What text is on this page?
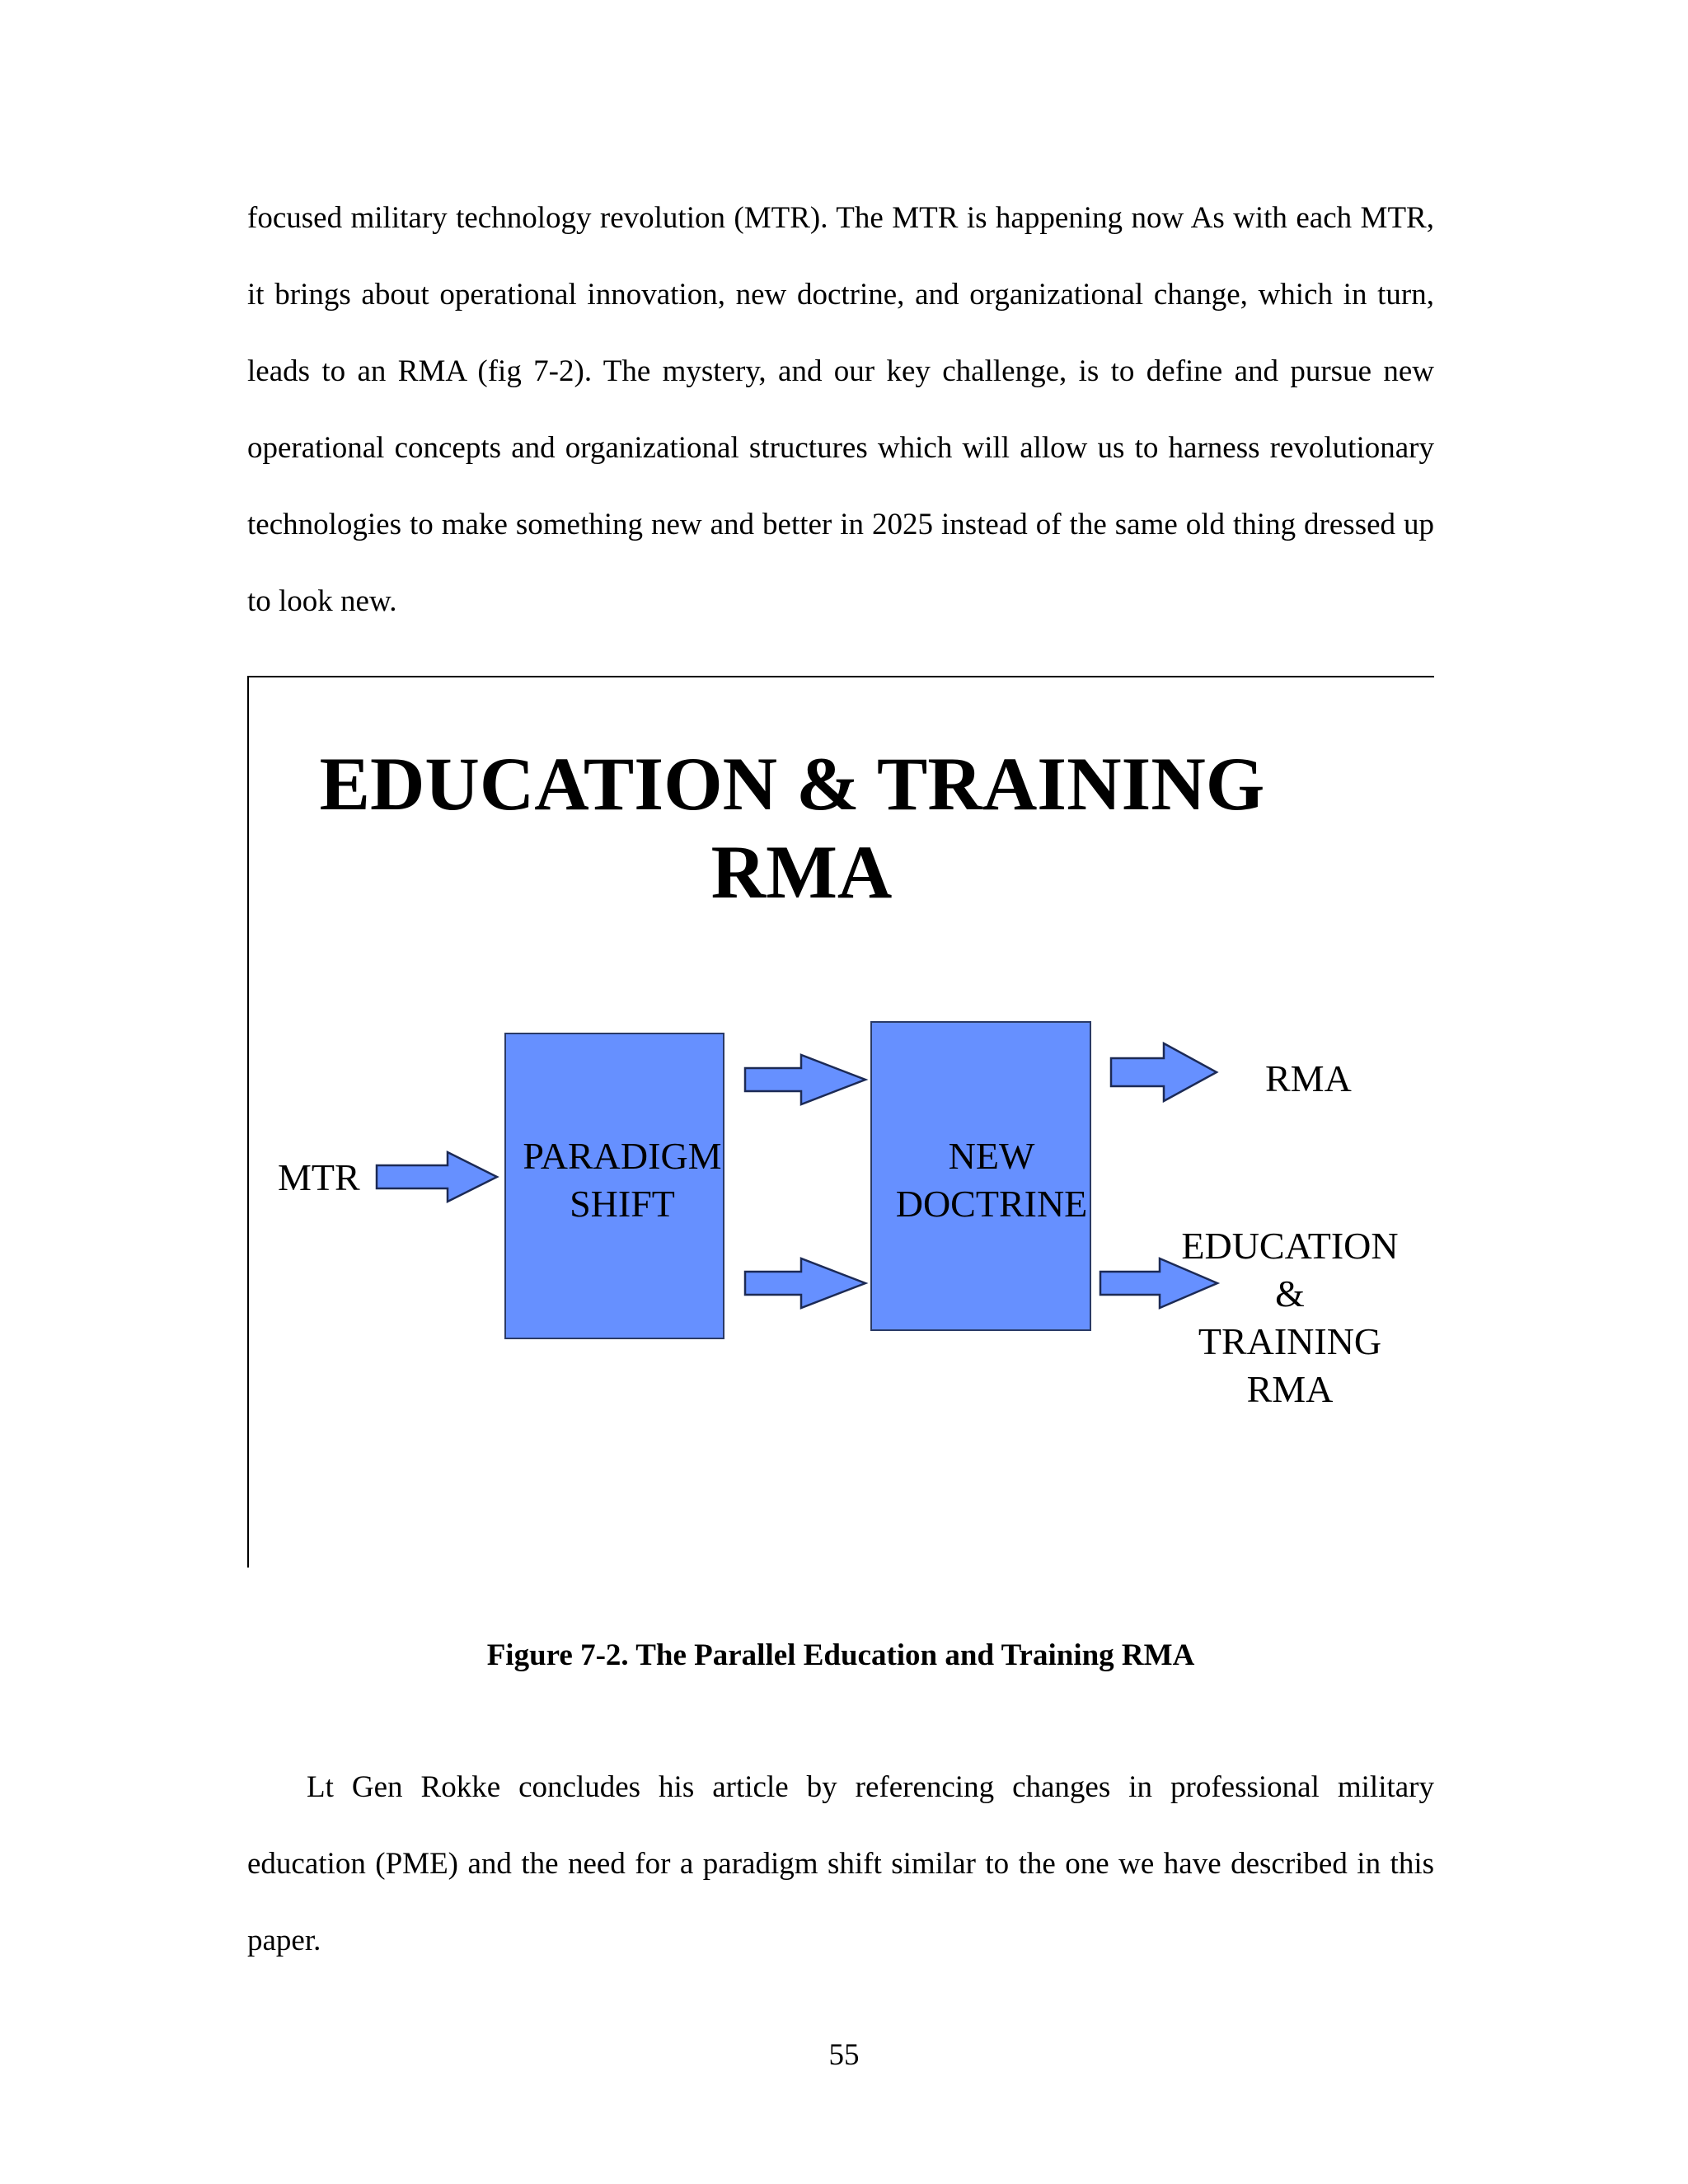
focused military technology revolution (MTR). The MTR is happening now As with each MTR, it brings about operational innovation, new doctrine, and organizational change, which in turn, leads to an RMA (fig 7-2). The mystery, and our key challenge, is to define and pursue new operational concepts and organizational structures which will allow us to harness revolutionary technologies to make something new and better in 2025 instead of the same old thing dressed up to look new.

EDUCATION & TRAINING
RMA
MTR
PARADIGM
SHIFT
NEW
DOCTRINE
RMA
EDUCATION
&
TRAINING
RMA
Figure 7-2. The Parallel Education and Training RMA

Lt Gen Rokke concludes his article by referencing changes in professional military education (PME) and the need for a paradigm shift similar to the one we have described in this paper.

55
